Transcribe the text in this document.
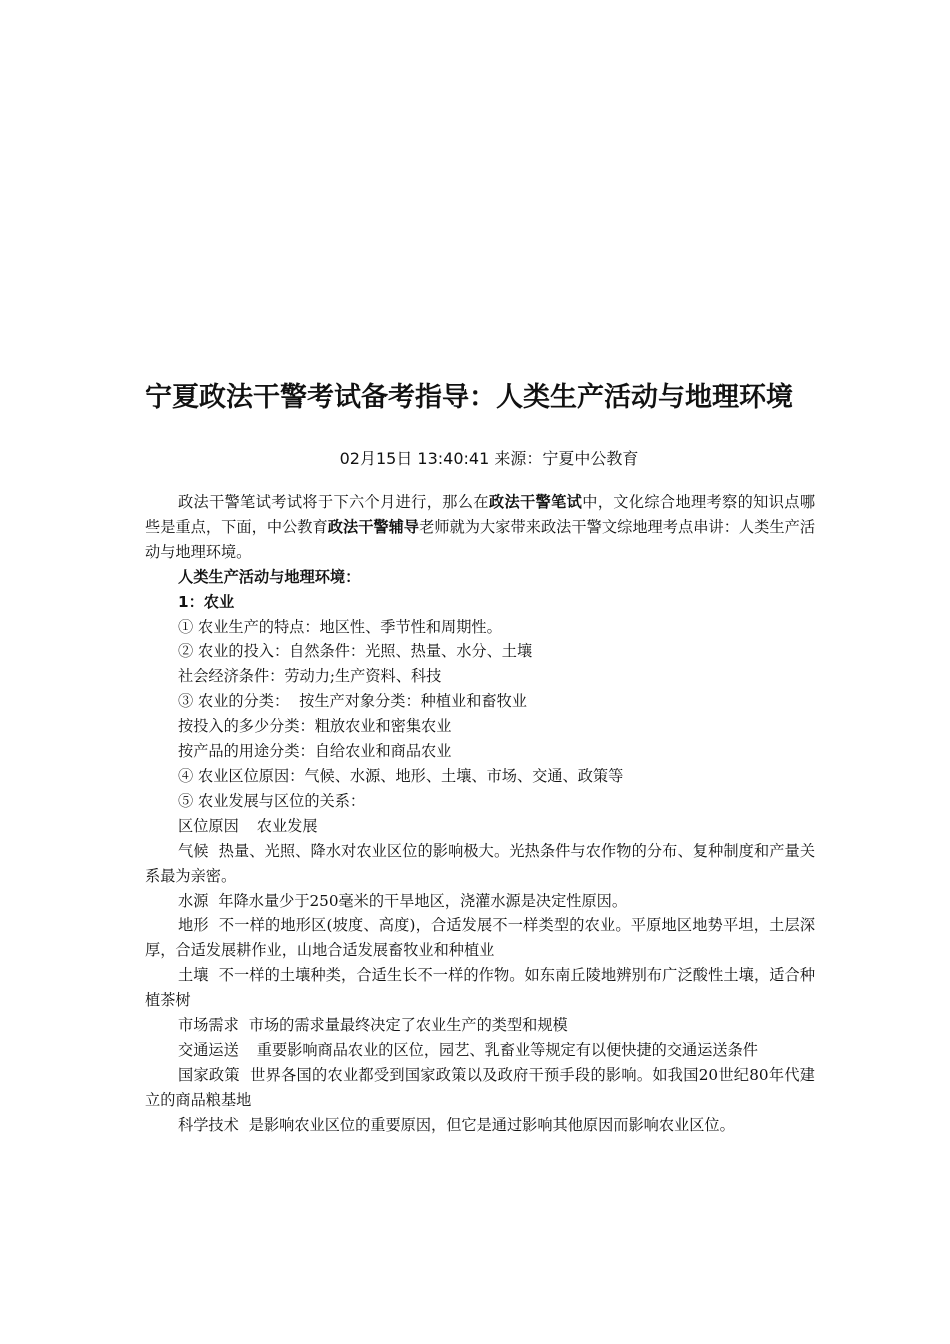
宁夏政法干警考试备考指导：人类生产活动与地理环境
02月15日 13:40:41 来源：宁夏中公教育

政法干警笔试考试将于下六个月进行，那么在政法干警笔试中，文化综合地理考察的知识点哪些是重点，下面，中公教育政法干警辅导老师就为大家带来政法干警文综地理考点串讲：人类生产活动与地理环境。

人类生产活动与地理环境：

1：农业

① 农业生产的特点：地区性、季节性和周期性。

② 农业的投入：自然条件：光照、热量、水分、土壤

社会经济条件：劳动力;生产资料、科技

③ 农业的分类： 按生产对象分类：种植业和畜牧业

按投入的多少分类：粗放农业和密集农业

按产品的用途分类：自给农业和商品农业

④ 农业区位原因：气候、水源、地形、土壤、市场、交通、政策等

⑤ 农业发展与区位的关系：

区位原因 农业发展

气候 热量、光照、降水对农业区位的影响极大。光热条件与农作物的分布、复种制度和产量关系最为亲密。

水源 年降水量少于250毫米的干旱地区，浇灌水源是决定性原因。

地形 不一样的地形区(坡度、高度)，合适发展不一样类型的农业。平原地区地势平坦，土层深厚，合适发展耕作业，山地合适发展畜牧业和种植业

土壤 不一样的土壤种类，合适生长不一样的作物。如东南丘陵地辨别布广泛酸性土壤，适合种植茶树

市场需求 市场的需求量最终决定了农业生产的类型和规模

交通运送 重要影响商品农业的区位，园艺、乳畜业等规定有以便快捷的交通运送条件

国家政策 世界各国的农业都受到国家政策以及政府干预手段的影响。如我国20世纪80年代建立的商品粮基地

科学技术 是影响农业区位的重要原因，但它是通过影响其他原因而影响农业区位。
